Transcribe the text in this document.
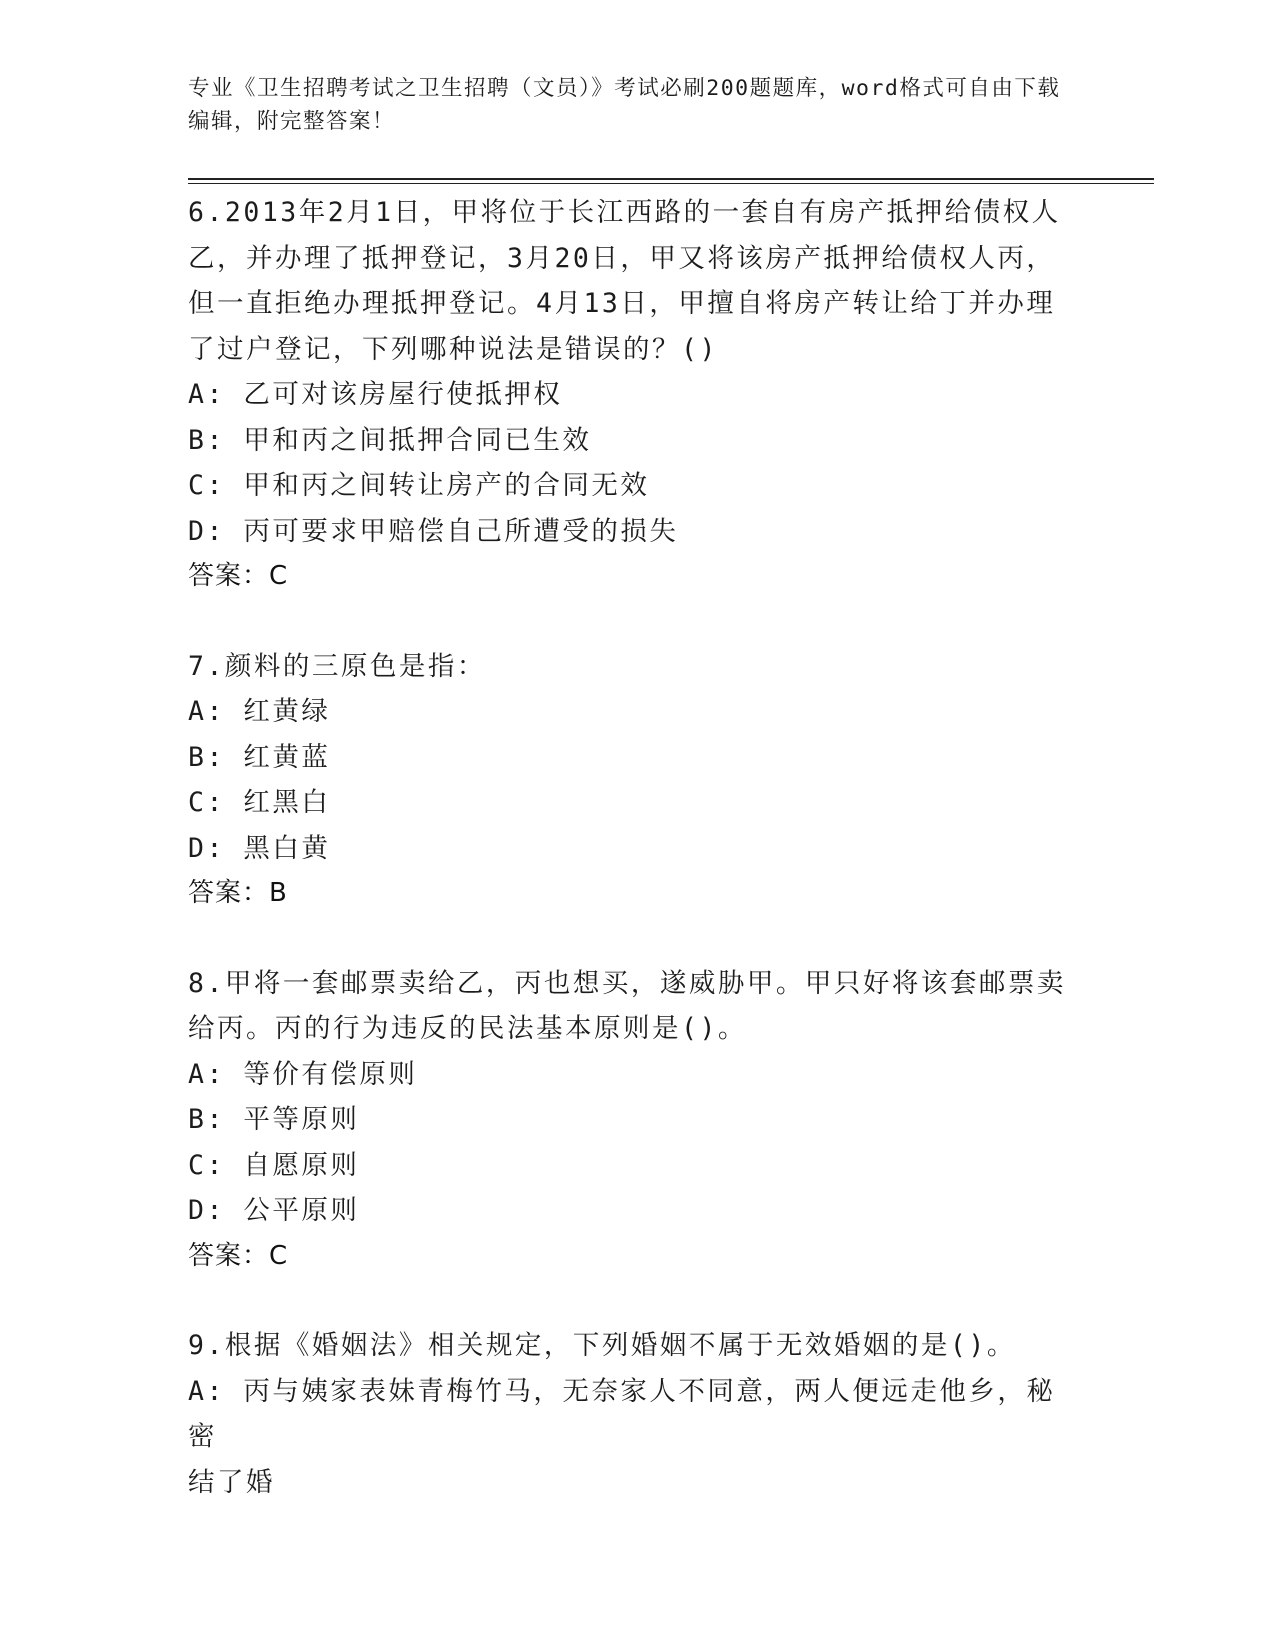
专业《卫生招聘考试之卫生招聘（文员）》考试必刷200题题库，word格式可自由下载编辑，附完整答案！
6.2013年2月1日，甲将位于长江西路的一套自有房产抵押给债权人
乙，并办理了抵押登记，3月20日，甲又将该房产抵押给债权人丙，
但一直拒绝办理抵押登记。4月13日，甲擅自将房产转让给丁并办理
了过户登记，下列哪种说法是错误的？()
A: 乙可对该房屋行使抵押权
B: 甲和丙之间抵押合同已生效
C: 甲和丙之间转让房产的合同无效
D: 丙可要求甲赔偿自己所遭受的损失
答案：C
7.颜料的三原色是指：
A: 红黄绿
B: 红黄蓝
C: 红黑白
D: 黑白黄
答案：B
8.甲将一套邮票卖给乙，丙也想买，遂威胁甲。甲只好将该套邮票卖
给丙。丙的行为违反的民法基本原则是()。
A: 等价有偿原则
B: 平等原则
C: 自愿原则
D: 公平原则
答案：C
9.根据《婚姻法》相关规定，下列婚姻不属于无效婚姻的是()。
A: 丙与姨家表妹青梅竹马，无奈家人不同意，两人便远走他乡，秘密
结了婚
